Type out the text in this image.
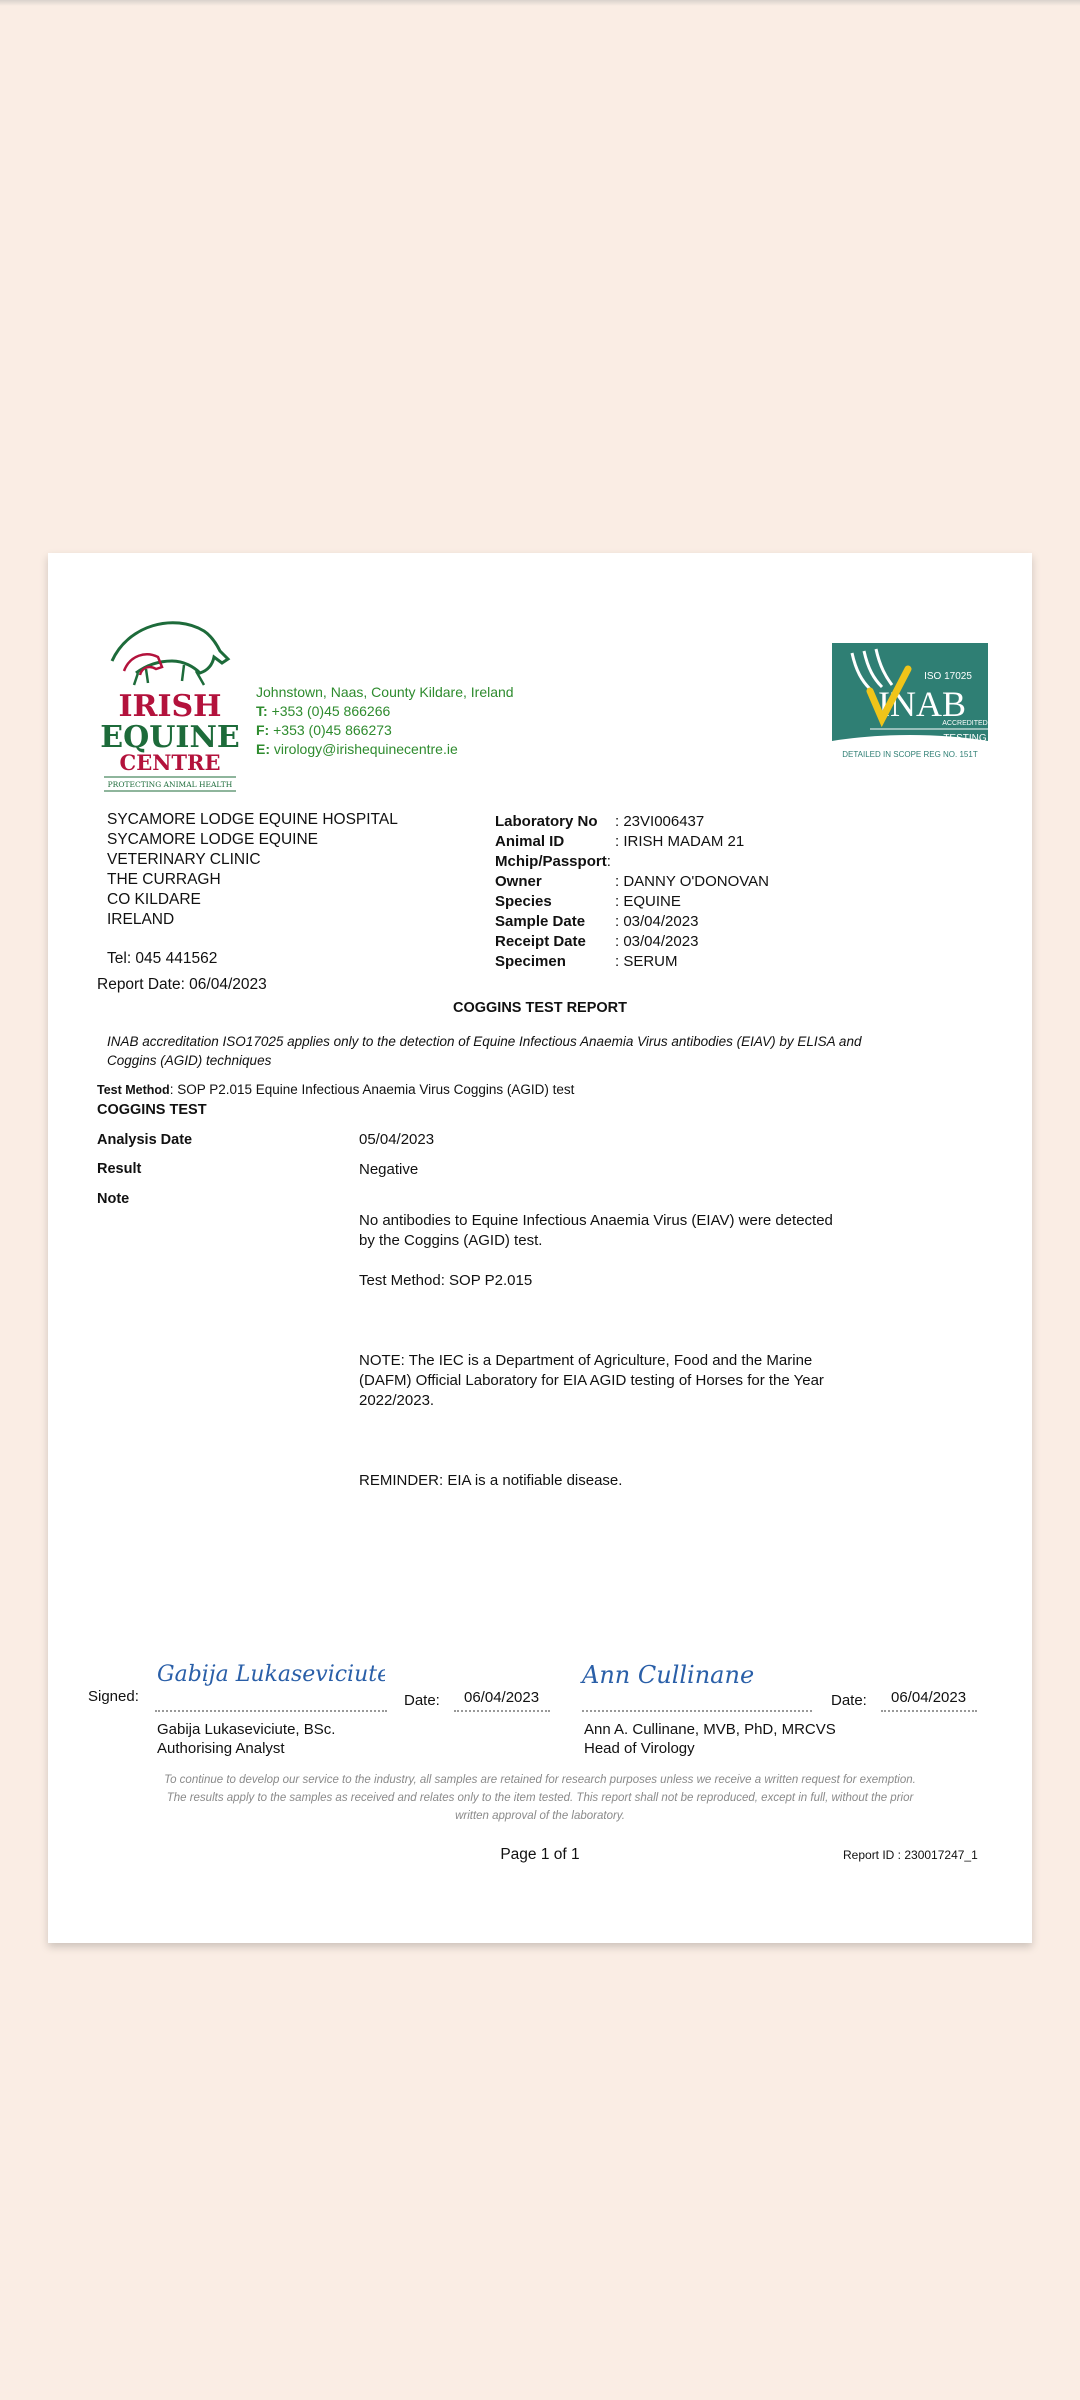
IRISH
EQUINE
CENTRE
PROTECTING ANIMAL HEALTH
Johnstown, Naas, County Kildare, Ireland
T: +353 (0)45 866266
F: +353 (0)45 866273
E: virology@irishequinecentre.ie
ISO 17025
INAB
ACCREDITED
TESTING
DETAILED IN SCOPE REG NO. 151T
SYCAMORE LODGE EQUINE HOSPITAL
SYCAMORE LODGE EQUINE
VETERINARY CLINIC
THE CURRAGH
CO KILDARE
IRELAND
Tel: 045 441562
Laboratory No	: 23VI006437
Animal ID	: IRISH MADAM 21
Mchip/Passport :
Owner	: DANNY O'DONOVAN
Species	: EQUINE
Sample Date	: 03/04/2023
Receipt Date	: 03/04/2023
Specimen	: SERUM
Report Date: 06/04/2023
COGGINS TEST REPORT
INAB accreditation ISO17025 applies only to the detection of Equine Infectious Anaemia Virus antibodies (EIAV) by ELISA and Coggins (AGID) techniques
Test Method: SOP P2.015 Equine Infectious Anaemia Virus Coggins (AGID) test
COGGINS TEST
Analysis Date	05/04/2023
Result	Negative
Note

No antibodies to Equine Infectious Anaemia Virus (EIAV) were detected by the Coggins (AGID) test.

Test Method: SOP P2.015

NOTE: The IEC is a Department of Agriculture, Food and the Marine (DAFM) Official Laboratory for EIA AGID testing of Horses for the Year 2022/2023.

REMINDER: EIA is a notifiable disease.

Signed:
Gabija Lukaseviciute
Gabija Lukaseviciute, BSc.
Authorising Analyst
Date: 06/04/2023
Ann Cullinane
Ann A. Cullinane, MVB, PhD, MRCVS
Head of Virology
Date: 06/04/2023
To continue to develop our service to the industry, all samples are retained for research purposes unless we receive a written request for exemption.
The results apply to the samples as received and relates only to the item tested. This report shall not be reproduced, except in full, without the prior
written approval of the laboratory.
Page 1 of 1	Report ID : 230017247_1
